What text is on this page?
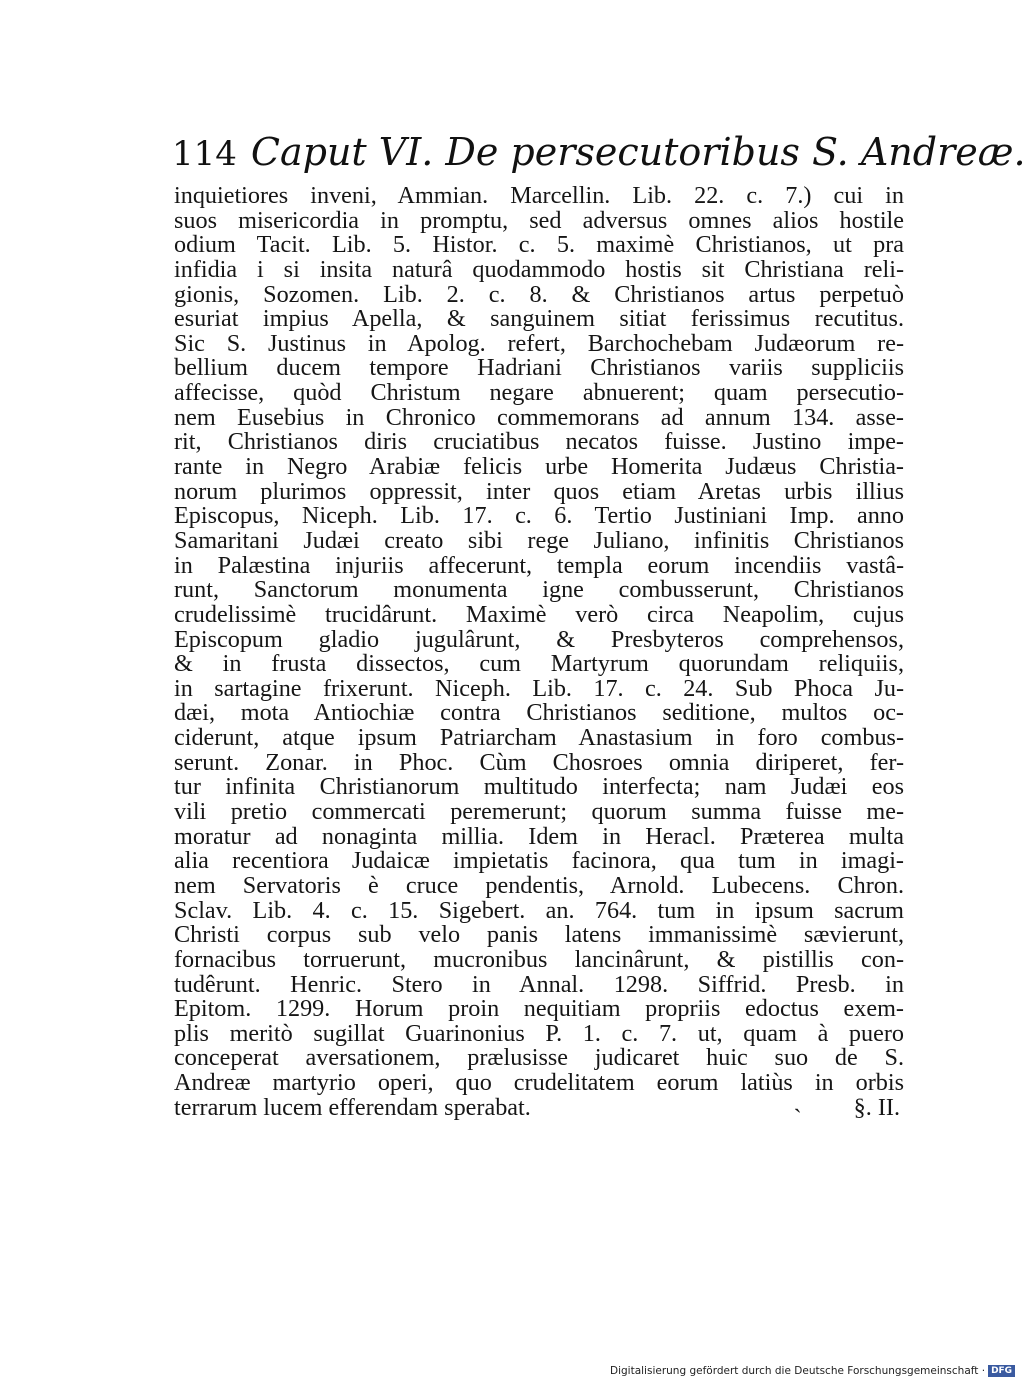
114 Caput VI. De persecutoribus S. Andreæ.
inquietiores inveni, Ammian. Marcellin. Lib. 22. c. 7.) cui in
suos misericordia in promptu, sed adversus omnes alios hostile
odium Tacit. Lib. 5. Histor. c. 5. maximè Christianos, ut pra
infidia i si insita naturâ quodammodo hostis sit Christiana reli-
gionis, Sozomen. Lib. 2. c. 8. & Christianos artus perpetuò
esuriat impius Apella, & sanguinem sitiat ferissimus recutitus.
Sic S. Justinus in Apolog. refert, Barchochebam Judæorum re-
bellium ducem tempore Hadriani Christianos variis suppliciis
affecisse, quòd Christum negare abnuerent; quam persecutio-
nem Eusebius in Chronico commemorans ad annum 134. asse-
rit, Christianos diris cruciatibus necatos fuisse. Justino impe-
rante in Negro Arabiæ felicis urbe Homerita Judæus Christia-
norum plurimos oppressit, inter quos etiam Aretas urbis illius
Episcopus, Niceph. Lib. 17. c. 6. Tertio Justiniani Imp. anno
Samaritani Judæi creato sibi rege Juliano, infinitis Christianos
in Palæstina injuriis affecerunt, templa eorum incendiis vastâ-
runt, Sanctorum monumenta igne combusserunt, Christianos
crudelissimè trucidârunt. Maximè verò circa Neapolim, cujus
Episcopum gladio jugulârunt, & Presbyteros comprehensos,
& in frusta dissectos, cum Martyrum quorundam reliquiis,
in sartagine frixerunt. Niceph. Lib. 17. c. 24. Sub Phoca Ju-
dæi, mota Antiochiæ contra Christianos seditione, multos oc-
ciderunt, atque ipsum Patriarcham Anastasium in foro combus-
serunt. Zonar. in Phoc. Cùm Chosroes omnia diriperet, fer-
tur infinita Christianorum multitudo interfecta; nam Judæi eos
vili pretio commercati peremerunt; quorum summa fuisse me-
moratur ad nonaginta millia. Idem in Heracl. Præterea multa
alia recentiora Judaicæ impietatis facinora, qua tum in imagi-
nem Servatoris è cruce pendentis, Arnold. Lubecens. Chron.
Sclav. Lib. 4. c. 15. Sigebert. an. 764. tum in ipsum sacrum
Christi corpus sub velo panis latens immanissimè sævierunt,
fornacibus torruerunt, mucronibus lancinârunt, & pistillis con-
tudêrunt. Henric. Stero in Annal. 1298. Siffrid. Presb. in
Epitom. 1299. Horum proin nequitiam propriis edoctus exem-
plis meritò sugillat Guarinonius P. 1. c. 7. ut, quam à puero
conceperat aversationem, prælusisse judicaret huic suo de S.
Andreæ martyrio operi, quo crudelitatem eorum latiùs in orbis
§. II.
˴
terrarum lucem efferendam sperabat.
Digitalisierung gefördert durch die Deutsche Forschungsgemeinschaft · DFG
